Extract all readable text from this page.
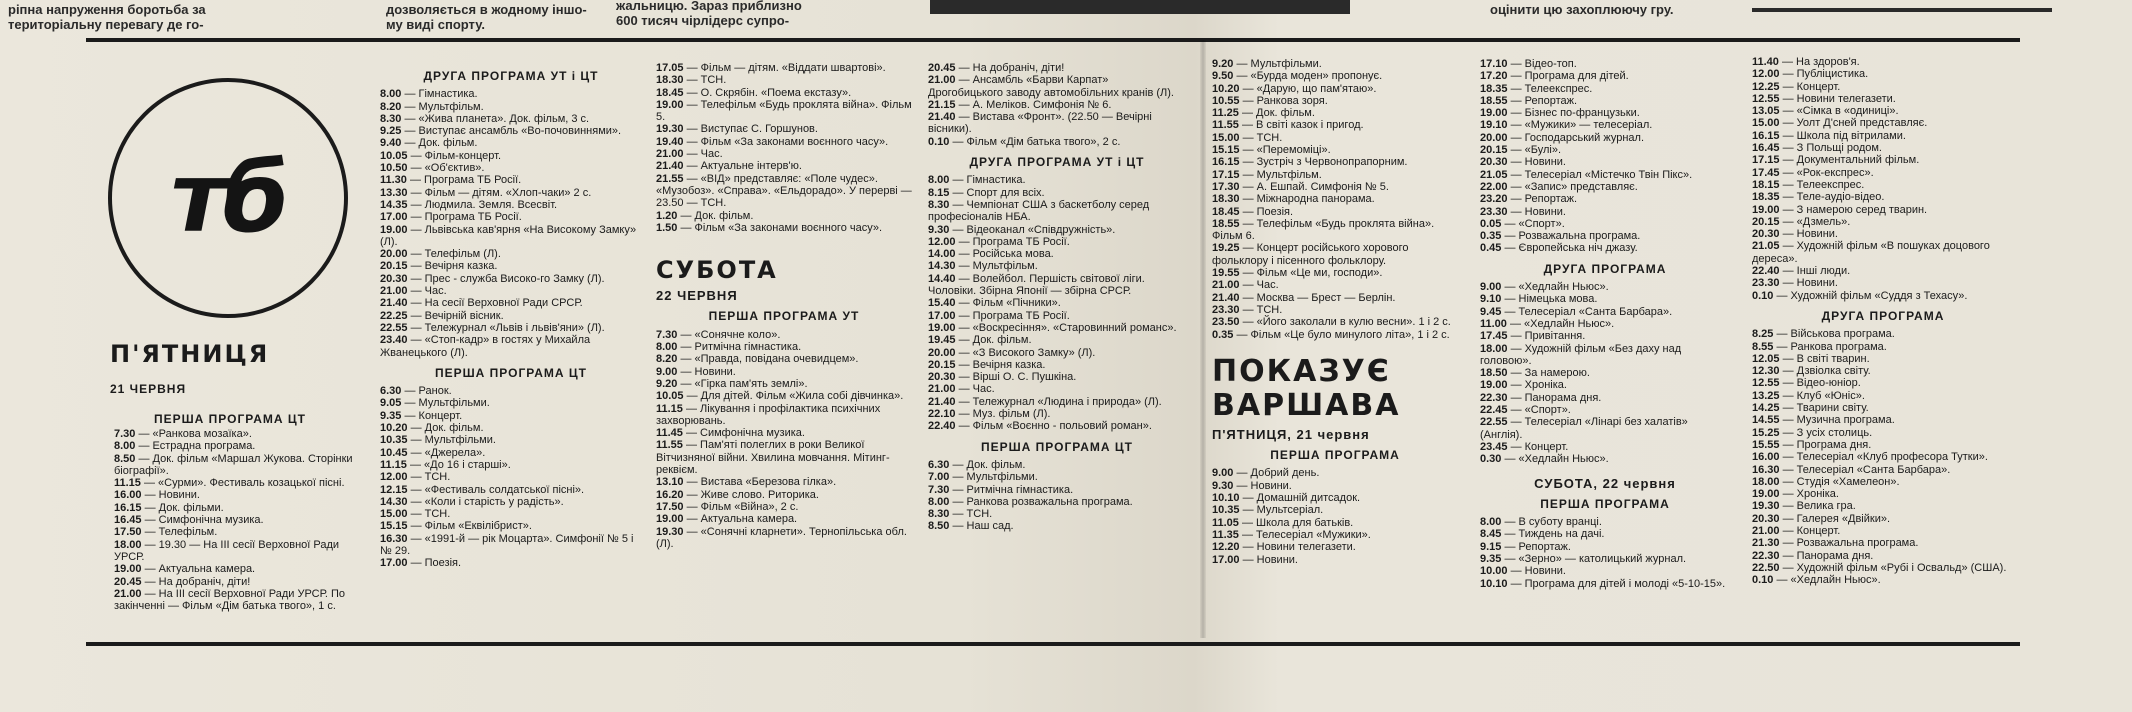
ріпна напруження боротьба за
територіальну перевагу де го-
дозволяється в жодному іншо-
му виді спорту.
жальницю. Зараз приблизно
600 тисяч чірлідерс супро-
оцінити цю захоплюючу гру.
тб
П'ЯТНИЦЯ
21 ЧЕРВНЯ
ПЕРША ПРОГРАМА ЦТ
7.30 — «Ранкова мозаїка».
8.00 — Естрадна програма.
8.50 — Док. фільм «Маршал Жукова. Сторінки біографії».
11.15 — «Сурми». Фестиваль козацької пісні.
16.00 — Новини.
16.15 — Док. фільми.
16.45 — Симфонічна музика.
17.50 — Телефільм.
18.00 — 19.30 — На III сесії Верховної Ради УРСР.
19.00 — Актуальна камера.
20.45 — На добраніч, діти!
21.00 — На III сесії Верховної Ради УРСР. По закінченні — Фільм «Дім батька твого», 1 с.
ДРУГА ПРОГРАМА УТ і ЦТ
8.00 — Гімнастика.
8.20 — Мультфільм.
8.30 — «Жива планета». Док. фільм, 3 с.
9.25 — Виступає ансамбль «Во-почовиннями».
9.40 — Док. фільм.
10.05 — Фільм-концерт.
10.50 — «Об'єктив».
11.30 — Програма ТБ Росії.
13.30 — Фільм — дітям. «Хлоп-чаки» 2 с.
14.35 — Людмила. Земля. Всесвіт.
17.00 — Програма ТБ Росії.
19.00 — Львівська кав'ярня «На Високому Замку» (Л).
20.00 — Телефільм (Л).
20.15 — Вечірня казка.
20.30 — Прес - служба Високо-го Замку (Л).
21.00 — Час.
21.40 — На сесії Верховної Ради СРСР.
22.25 — Вечірній вісник.
22.55 — Тележурнал «Львів і львів'яни» (Л).
23.40 — «Стоп-кадр» в гостях у Михайла Жванецького (Л).
ПЕРША ПРОГРАМА ЦТ
6.30 — Ранок.
9.05 — Мультфільми.
9.35 — Концерт.
10.20 — Док. фільм.
10.35 — Мультфільми.
10.45 — «Джерела».
11.15 — «До 16 і старші».
12.00 — ТСН.
12.15 — «Фестиваль солдатської пісні».
14.30 — «Коли і старість у радість».
15.00 — ТСН.
15.15 — Фільм «Еквілібрист».
16.30 — «1991-й — рік Моцарта». Симфонії № 5 і № 29.
17.00 — Поезія.
17.05 — Фільм — дітям. «Віддати швартові».
18.30 — ТСН.
18.45 — О. Скрябін. «Поема екстазу».
19.00 — Телефільм «Будь проклята війна». Фільм 5.
19.30 — Виступає С. Горшунов.
19.40 — Фільм «За законами воєнного часу».
21.00 — Час.
21.40 — Актуальне інтерв'ю.
21.55 — «ВІД» представляє: «Поле чудес». «Музобоз». «Справа». «Ельдорадо». У перерві — 23.50 — ТСН.
1.20 — Док. фільм.
1.50 — Фільм «За законами воєнного часу».
СУБОТА
22 ЧЕРВНЯ
ПЕРША ПРОГРАМА УТ
7.30 — «Сонячне коло».
8.00 — Ритмічна гімнастика.
8.20 — «Правда, повідана очевидцем».
9.00 — Новини.
9.20 — «Гірка пам'ять землі».
10.05 — Для дітей. Фільм «Жила собі дівчинка».
11.15 — Лікування і профілактика психічних захворювань.
11.45 — Симфонічна музика.
11.55 — Пам'яті полеглих в роки Великої Вітчизняної війни. Хвилина мовчання. Мітинг-реквієм.
13.10 — Вистава «Березова гілка».
16.20 — Живе слово. Риторика.
17.50 — Фільм «Війна», 2 с.
19.00 — Актуальна камера.
19.30 — «Сонячні кларнети». Тернопільська обл. (Л).
20.45 — На добраніч, діти!
21.00 — Ансамбль «Барви Карпат» Дрогобицького заводу автомобільних кранів (Л).
21.15 — А. Меліков. Симфонія № 6.
21.40 — Вистава «Фронт». (22.50 — Вечірні вісники).
0.10 — Фільм «Дім батька твого», 2 с.
ДРУГА ПРОГРАМА УТ і ЦТ
8.00 — Гімнастика.
8.15 — Спорт для всіх.
8.30 — Чемпіонат США з баскетболу серед професіоналів НБА.
9.30 — Відеоканал «Співдружність».
12.00 — Програма ТБ Росії.
14.00 — Російська мова.
14.30 — Мультфільм.
14.40 — Волейбол. Першість світової ліги. Чоловіки. Збірна Японії — збірна СРСР.
15.40 — Фільм «Пічники».
17.00 — Програма ТБ Росії.
19.00 — «Воскресіння». «Старовинний романс».
19.45 — Док. фільм.
20.00 — «З Високого Замку» (Л).
20.15 — Вечірня казка.
20.30 — Вірші О. С. Пушкіна.
21.00 — Час.
21.40 — Тележурнал «Людина і природа» (Л).
22.10 — Муз. фільм (Л).
22.40 — Фільм «Воєнно - польовий роман».
ПЕРША ПРОГРАМА ЦТ
6.30 — Док. фільм.
7.00 — Мультфільми.
7.30 — Ритмічна гімнастика.
8.00 — Ранкова розважальна програма.
8.30 — ТСН.
8.50 — Наш сад.
9.20 — Мультфільми.
9.50 — «Бурда моден» пропонує.
10.20 — «Дарую, що пам'ятаю».
10.55 — Ранкова зоря.
11.25 — Док. фільм.
11.55 — В світі казок і пригод.
15.00 — ТСН.
15.15 — «Перемоміці».
16.15 — Зустріч з Червонопрапорним.
17.15 — Мультфільм.
17.30 — А. Ешпай. Симфонія № 5.
18.30 — Міжнародна панорама.
18.45 — Поезія.
18.55 — Телефільм «Будь проклята війна». Фільм 6.
19.25 — Концерт російського хорового фольклору і пісенного фольклору.
19.55 — Фільм «Це ми, господи».
21.00 — Час.
21.40 — Москва — Брест — Берлін.
23.30 — ТСН.
23.50 — «Його заколали в кулю весни». 1 і 2 с.
0.35 — Фільм «Це було минулого літа», 1 і 2 с.
ПОКАЗУЄ
ВАРШАВА
П'ЯТНИЦЯ, 21 червня
ПЕРША ПРОГРАМА
9.00 — Добрий день.
9.30 — Новини.
10.10 — Домашній дитсадок.
10.35 — Мультсеріал.
11.05 — Школа для батьків.
11.35 — Телесеріал «Мужики».
12.20 — Новини телегазети.
17.00 — Новини.
17.10 — Відео-топ.
17.20 — Програма для дітей.
18.35 — Телеекспрес.
18.55 — Репортаж.
19.00 — Бізнес по-французьки.
19.10 — «Мужики» — телесеріал.
20.00 — Господарський журнал.
20.15 — «Булі».
20.30 — Новини.
21.05 — Телесеріал «Містечко Твін Пікс».
22.00 — «Запис» представляє.
23.20 — Репортаж.
23.30 — Новини.
0.05 — «Спорт».
0.35 — Розважальна програма.
0.45 — Європейська ніч джазу.
ДРУГА ПРОГРАМА
9.00 — «Хедлайн Ньюс».
9.10 — Німецька мова.
9.45 — Телесеріал «Санта Барбара».
11.00 — «Хедлайн Ньюс».
17.45 — Привітання.
18.00 — Художній фільм «Без даху над головою».
18.50 — За намерою.
19.00 — Хроніка.
22.30 — Панорама дня.
22.45 — «Спорт».
22.55 — Телесеріал «Лінарі без халатів» (Англія).
23.45 — Концерт.
0.30 — «Хедлайн Ньюс».
СУБОТА, 22 червня
ПЕРША ПРОГРАМА
8.00 — В суботу вранці.
8.45 — Тиждень на дачі.
9.15 — Репортаж.
9.35 — «Зерно» — католицький журнал.
10.00 — Новини.
10.10 — Програма для дітей і молоді «5-10-15».
11.40 — На здоров'я.
12.00 — Публіцистика.
12.25 — Концерт.
12.55 — Новини телегазети.
13.05 — «Сімка в «одиниці».
15.00 — Уолт Д'сней представляє.
16.15 — Школа під вітрилами.
16.45 — З Польщі родом.
17.15 — Документальний фільм.
17.45 — «Рок-експрес».
18.15 — Телеекспрес.
18.35 — Теле-аудіо-відео.
19.00 — З намерою серед тварин.
20.15 — «Дзмель».
20.30 — Новини.
21.05 — Художній фільм «В пошуках доцового дереса».
22.40 — Інші люди.
23.30 — Новини.
0.10 — Художній фільм «Суддя з Техасу».
ДРУГА ПРОГРАМА
8.25 — Військова програма.
8.55 — Ранкова програма.
12.05 — В світі тварин.
12.30 — Дзвіолка світу.
12.55 — Відео-юніор.
13.25 — Клуб «Юніс».
14.25 — Тварини світу.
14.55 — Музична програма.
15.25 — З усіх столиць.
15.55 — Програма дня.
16.00 — Телесеріал «Клуб професора Тутки».
16.30 — Телесеріал «Санта Барбара».
18.00 — Студія «Хамелеон».
19.00 — Хроніка.
19.30 — Велика гра.
20.30 — Галерея «Двійки».
21.00 — Концерт.
21.30 — Розважальна програма.
22.30 — Панорама дня.
22.50 — Художній фільм «Рубі і Освальд» (США).
0.10 — «Хедлайн Ньюс».
